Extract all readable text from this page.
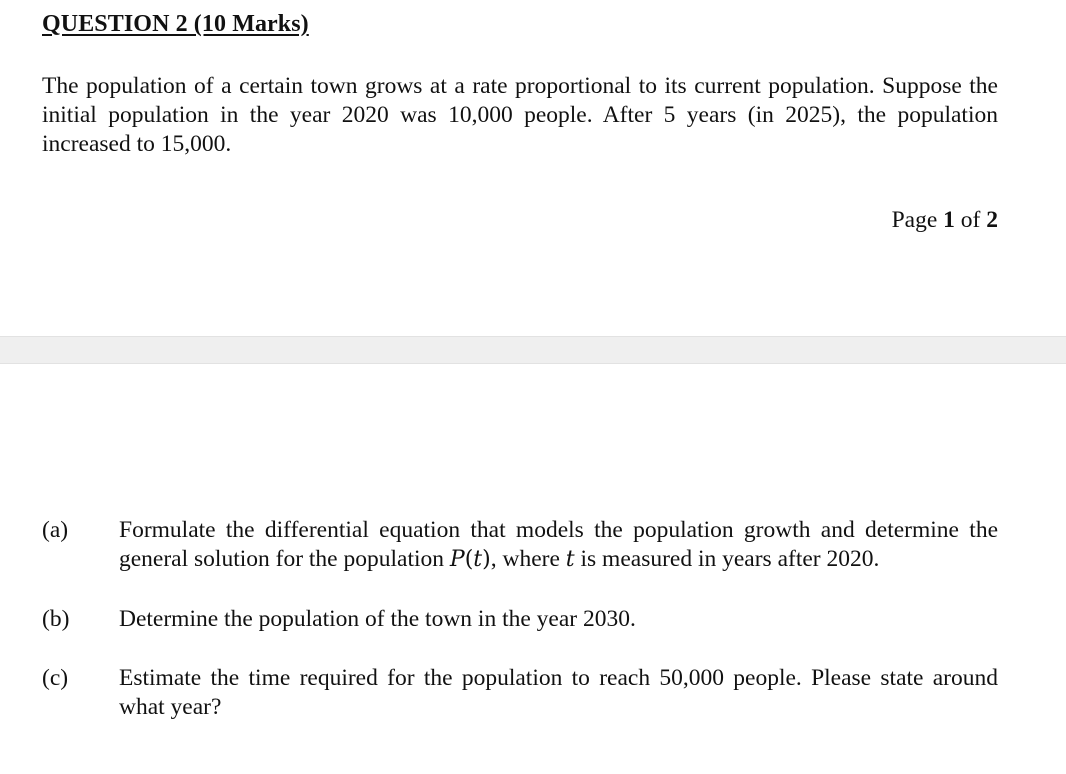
QUESTION 2 (10 Marks)

The population of a certain town grows at a rate proportional to its current population. Suppose the initial population in the year 2020 was 10,000 people. After 5 years (in 2025), the population increased to 15,000.

Page 1 of 2
(a) Formulate the differential equation that models the population growth and determine the general solution for the population P(t), where t is measured in years after 2020.

(b) Determine the population of the town in the year 2030.

(c) Estimate the time required for the population to reach 50,000 people. Please state around what year?
